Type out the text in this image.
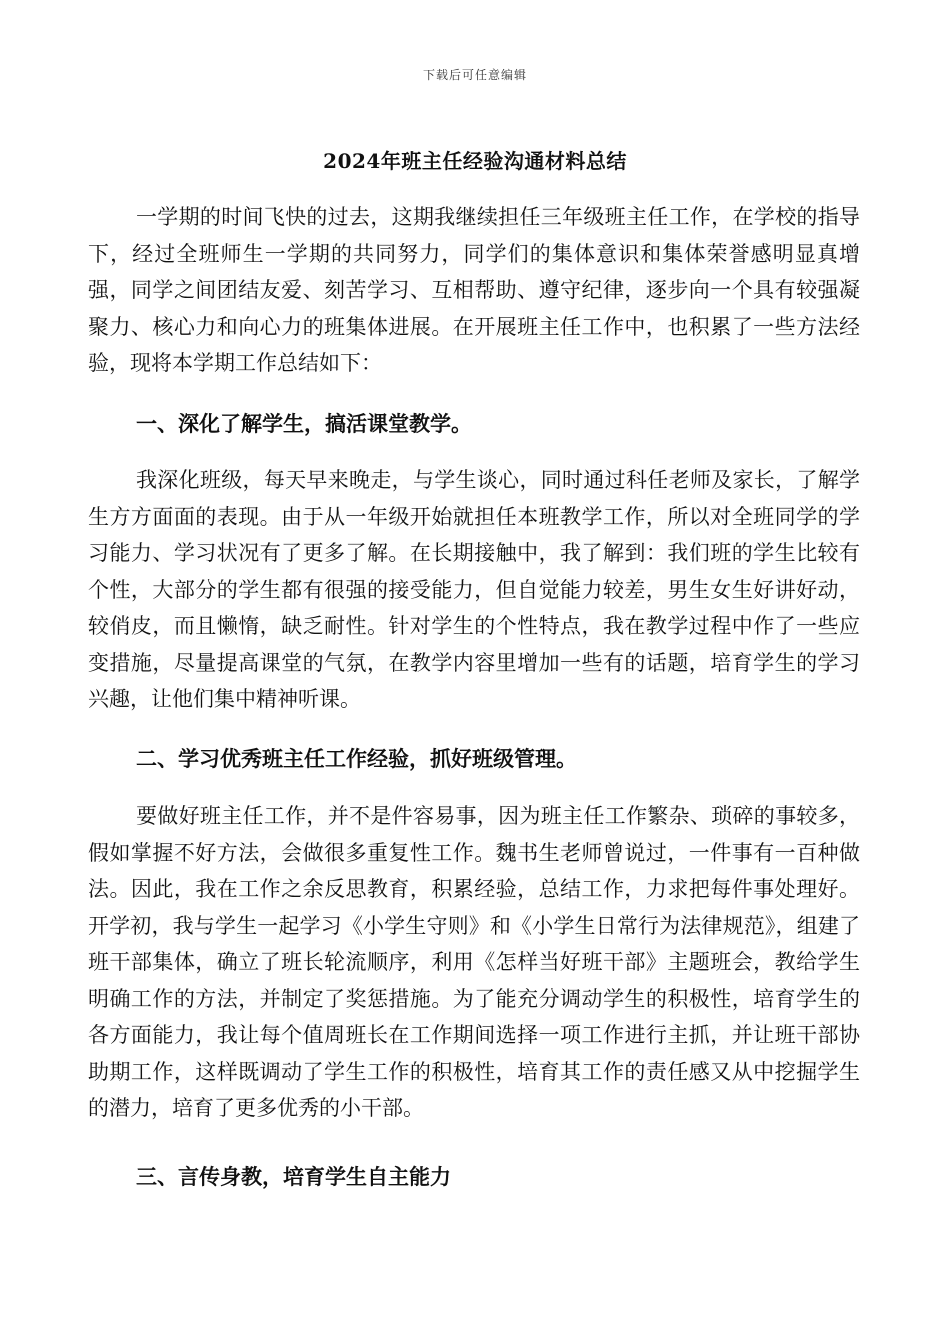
下载后可任意编辑
2024年班主任经验沟通材料总结

一学期的时间飞快的过去，这期我继续担任三年级班主任工作，在学校的指导下，经过全班师生一学期的共同努力，同学们的集体意识和集体荣誉感明显真增强，同学之间团结友爱、刻苦学习、互相帮助、遵守纪律，逐步向一个具有较强凝聚力、核心力和向心力的班集体进展。在开展班主任工作中，也积累了一些方法经验，现将本学期工作总结如下：

一、深化了解学生，搞活课堂教学。

我深化班级，每天早来晚走，与学生谈心，同时通过科任老师及家长，了解学生方方面面的表现。由于从一年级开始就担任本班教学工作，所以对全班同学的学习能力、学习状况有了更多了解。在长期接触中，我了解到：我们班的学生比较有个性，大部分的学生都有很强的接受能力，但自觉能力较差，男生女生好讲好动，较俏皮，而且懒惰，缺乏耐性。针对学生的个性特点，我在教学过程中作了一些应变措施，尽量提高课堂的气氛，在教学内容里增加一些有的话题，培育学生的学习兴趣，让他们集中精神听课。

二、学习优秀班主任工作经验，抓好班级管理。

要做好班主任工作，并不是件容易事，因为班主任工作繁杂、琐碎的事较多，假如掌握不好方法，会做很多重复性工作。魏书生老师曾说过，一件事有一百种做法。因此，我在工作之余反思教育，积累经验，总结工作，力求把每件事处理好。开学初，我与学生一起学习《小学生守则》和《小学生日常行为法律规范》，组建了班干部集体，确立了班长轮流顺序，利用《怎样当好班干部》主题班会，教给学生明确工作的方法，并制定了奖惩措施。为了能充分调动学生的积极性，培育学生的各方面能力，我让每个值周班长在工作期间选择一项工作进行主抓，并让班干部协助期工作，这样既调动了学生工作的积极性，培育其工作的责任感又从中挖掘学生的潜力，培育了更多优秀的小干部。

三、言传身教，培育学生自主能力
